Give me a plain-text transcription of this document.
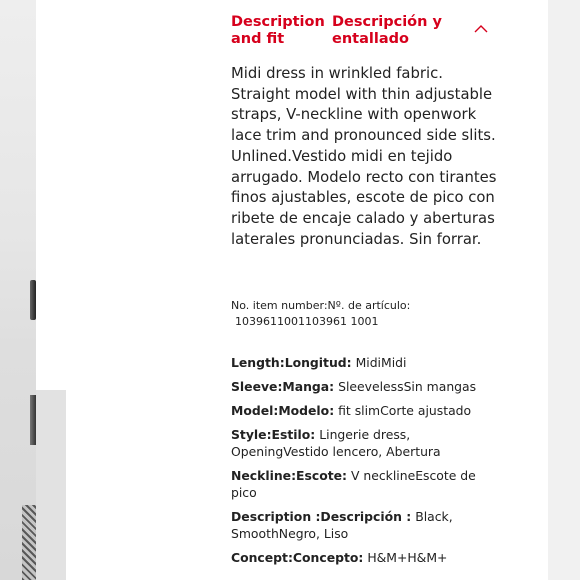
Description and fit
Descripción y entallado

Midi dress in wrinkled fabric. Straight model with thin adjustable straps, V-neckline with openwork lace trim and pronounced side slits. Unlined.Vestido midi en tejido arrugado. Modelo recto con tirantes finos ajustables, escote de pico con ribete de encaje calado y aberturas laterales pronunciadas. Sin forrar.

No. item number:Nº. de artículo:

1039611001103961 1001

Length:Longitud: MidiMidi
Sleeve:Manga: SleevelessSin mangas
Model:Modelo: fit slimCorte ajustado
Style:Estilo: Lingerie dress, OpeningVestido lencero, Abertura
Neckline:Escote: V necklineEscote de pico
Description :Descripción : Black, SmoothNegro, Liso
Concept:Concepto: H&M+H&M+
